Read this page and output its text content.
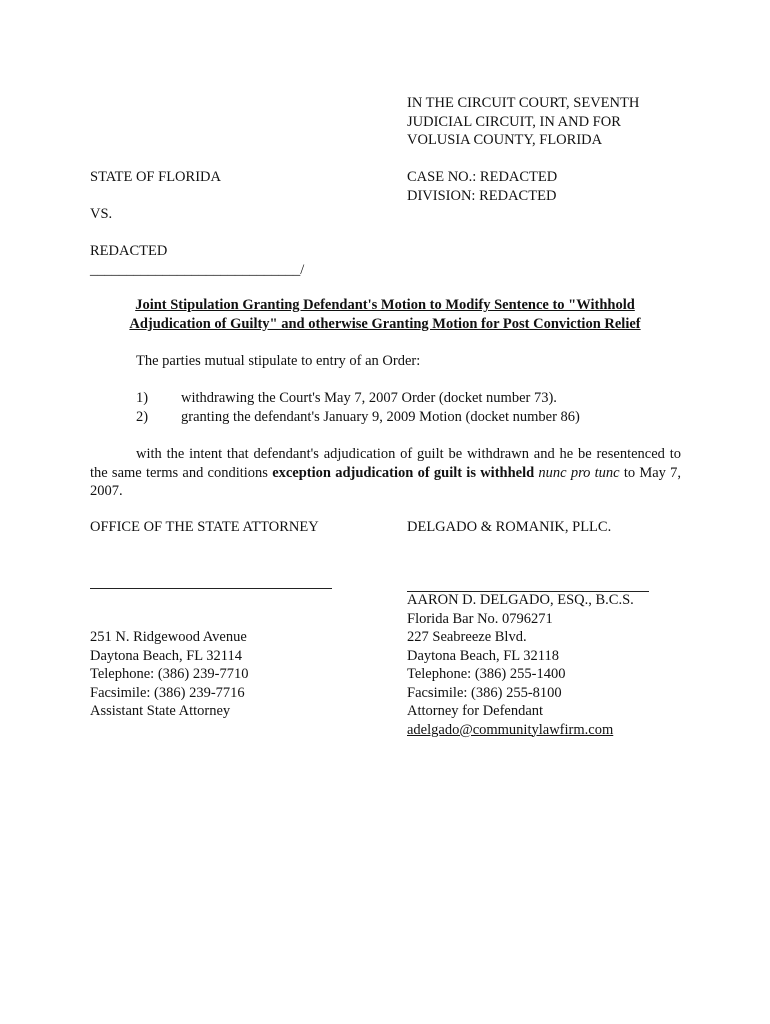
IN THE CIRCUIT COURT, SEVENTH
JUDICIAL CIRCUIT, IN AND FOR
VOLUSIA COUNTY, FLORIDA
STATE OF FLORIDA	CASE NO.: REDACTED
DIVISION: REDACTED
VS.
REDACTED
_____________________________/
Joint Stipulation Granting Defendant's Motion to Modify Sentence to "Withhold
Adjudication of Guilty" and otherwise Granting Motion for Post Conviction Relief
The parties mutual stipulate to entry of an Order:
1) withdrawing the Court's May 7, 2007 Order (docket number 73).
2) granting the defendant's January 9, 2009 Motion (docket number 86)
with the intent that defendant's adjudication of guilt be withdrawn and he be resentenced to the same terms and conditions exception adjudication of guilt is withheld nunc pro tunc to May 7, 2007.
OFFICE OF THE STATE ATTORNEY	DELGADO & ROMANIK, PLLC.
AARON D. DELGADO, ESQ., B.C.S.
Florida Bar No. 0796271
227 Seabreeze Blvd.
Daytona Beach, FL 32118
Telephone: (386) 255-1400
Facsimile: (386) 255-8100
Attorney for Defendant
adelgado@communitylawfirm.com
251 N. Ridgewood Avenue
Daytona Beach, FL 32114
Telephone: (386) 239-7710
Facsimile: (386) 239-7716
Assistant State Attorney
